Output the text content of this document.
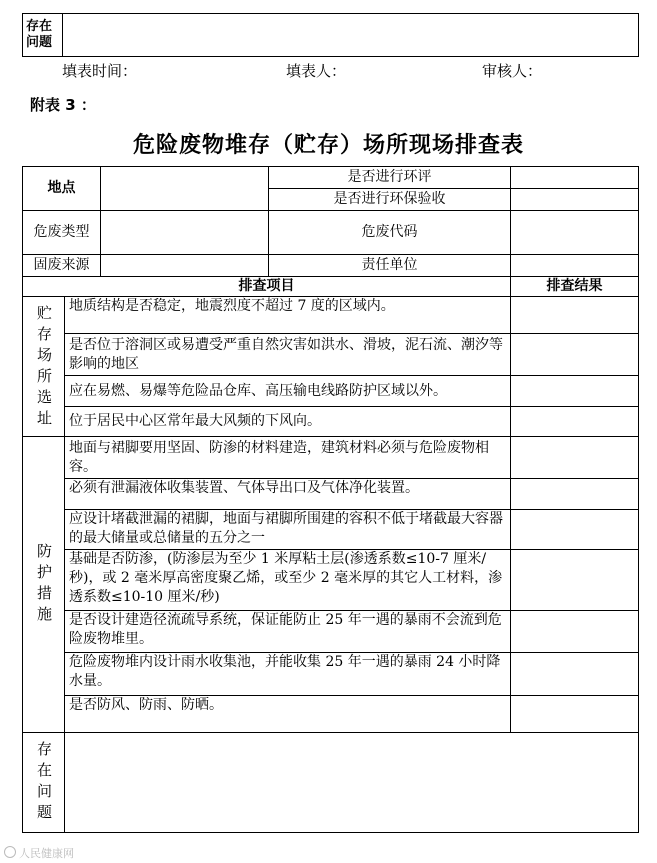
存在
问题	
填表时间：	填表人：	审核人：
附表 3 ：
危险废物堆存（贮存）场所现场排查表
地点		是否进行环评	
		是否进行环保验收	
危废类型		危废代码	
固废来源		责任单位	
排查项目		排查结果

贮存场所选址	地质结构是否稳定，地震烈度不超过 7 度的区域内。	
	是否位于溶洞区或易遭受严重自然灾害如洪水、滑坡，泥石流、潮汐等影响的地区	
	应在易燃、易爆等危险品仓库、高压输电线路防护区域以外。	
	位于居民中心区常年最大风频的下风向。	

防护措施	地面与裙脚要用坚固、防渗的材料建造，建筑材料必须与危险废物相容。	
	必须有泄漏液体收集装置、气体导出口及气体净化装置。	
	应设计堵截泄漏的裙脚，地面与裙脚所围建的容积不低于堵截最大容器的最大储量或总储量的五分之一	
	基础是否防渗，(防渗层为至少 1 米厚粘土层(渗透系数≤10-7 厘米/秒)，或 2 毫米厚高密度聚乙烯，或至少 2 毫米厚的其它人工材料，渗透系数≤10-10 厘米/秒)	
	是否设计建造径流疏导系统，保证能防止 25 年一遇的暴雨不会流到危险废物堆里。	
	危险废物堆内设计雨水收集池，并能收集 25 年一遇的暴雨 24 小时降水量。	
	是否防风、防雨、防晒。	

存在问题		

人民健康网
